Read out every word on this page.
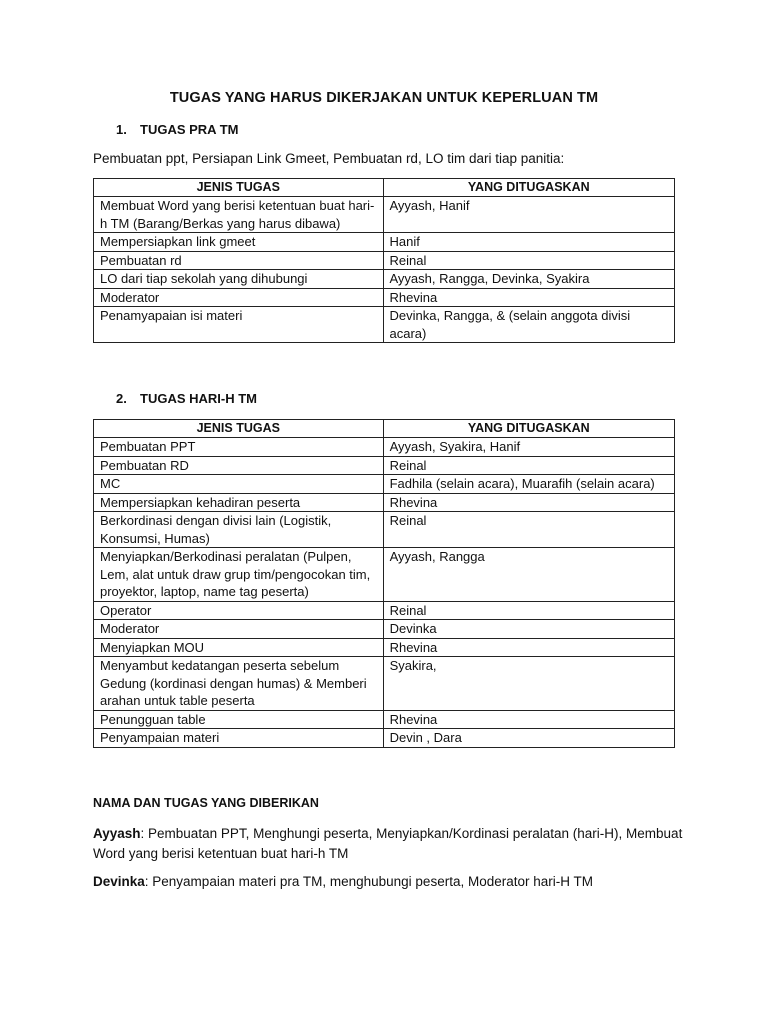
TUGAS YANG HARUS DIKERJAKAN UNTUK KEPERLUAN TM
1. TUGAS PRA TM
Pembuatan ppt, Persiapan Link Gmeet, Pembuatan rd, LO tim dari tiap panitia:
JENIS TUGAS	YANG DITUGASKAN
Membuat Word yang berisi ketentuan buat hari-h TM (Barang/Berkas yang harus dibawa)	Ayyash, Hanif
Mempersiapkan link gmeet	Hanif
Pembuatan rd	Reinal
LO dari tiap sekolah yang dihubungi	Ayyash, Rangga, Devinka, Syakira
Moderator	Rhevina
Penamyapaian isi materi	Devinka, Rangga, & (selain anggota divisi acara)
2. TUGAS HARI-H TM
JENIS TUGAS	YANG DITUGASKAN
Pembuatan PPT	Ayyash, Syakira, Hanif
Pembuatan RD	Reinal
MC	Fadhila (selain acara), Muarafih (selain acara)
Mempersiapkan kehadiran peserta	Rhevina
Berkordinasi dengan divisi lain (Logistik, Konsumsi, Humas)	Reinal
Menyiapkan/Berkodinasi peralatan (Pulpen, Lem, alat untuk draw grup tim/pengocokan tim, proyektor, laptop, name tag peserta)	Ayyash, Rangga
Operator	Reinal
Moderator	Devinka
Menyiapkan MOU	Rhevina
Menyambut kedatangan peserta sebelum Gedung (kordinasi dengan humas) & Memberi arahan untuk table peserta	Syakira,
Penungguan table	Rhevina
Penyampaian materi	Devin , Dara
NAMA DAN TUGAS YANG DIBERIKAN
Ayyash: Pembuatan PPT, Menghungi peserta, Menyiapkan/Kordinasi peralatan (hari-H), Membuat Word yang berisi ketentuan buat hari-h TM
Devinka: Penyampaian materi pra TM, menghubungi peserta, Moderator hari-H TM
